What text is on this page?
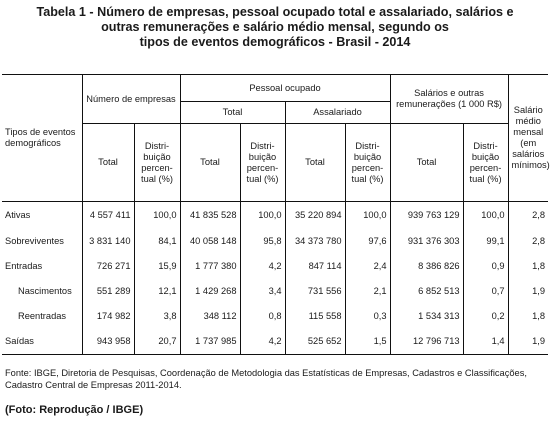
Tabela 1 - Número de empresas, pessoal ocupado total e assalariado, salários e
outras remunerações e salário médio mensal, segundo os
tipos de eventos demográficos - Brasil - 2014
Tipos de eventos demográficos	Número de empresas		Pessoal ocupado				Salários e outras remunerações (1 000 R$)		Salário médio mensal (em salários mínimos)
			Total		Assalariado				
	Total	Distri- buição percen- tual (%)	Total	Distri- buição percen- tual (%)	Total	Distri- buição percen- tual (%)	Total	Distri- buição percen- tual (%)	
Ativas	4 557 411	100,0	41 835 528	100,0	35 220 894	100,0	939 763 129	100,0	2,8
Sobreviventes	3 831 140	84,1	40 058 148	95,8	34 373 780	97,6	931 376 303	99,1	2,8
Entradas	726 271	15,9	1 777 380	4,2	847 114	2,4	8 386 826	0,9	1,8
Nascimentos	551 289	12,1	1 429 268	3,4	731 556	2,1	6 852 513	0,7	1,9
Reentradas	174 982	3,8	348 112	0,8	115 558	0,3	1 534 313	0,2	1,8
Saídas	943 958	20,7	1 737 985	4,2	525 652	1,5	12 796 713	1,4	1,9
Fonte: IBGE, Diretoria de Pesquisas, Coordenação de Metodologia das Estatísticas de Empresas, Cadastros e Classificações, Cadastro Central de Empresas 2011-2014.
(Foto: Reprodução / IBGE)
